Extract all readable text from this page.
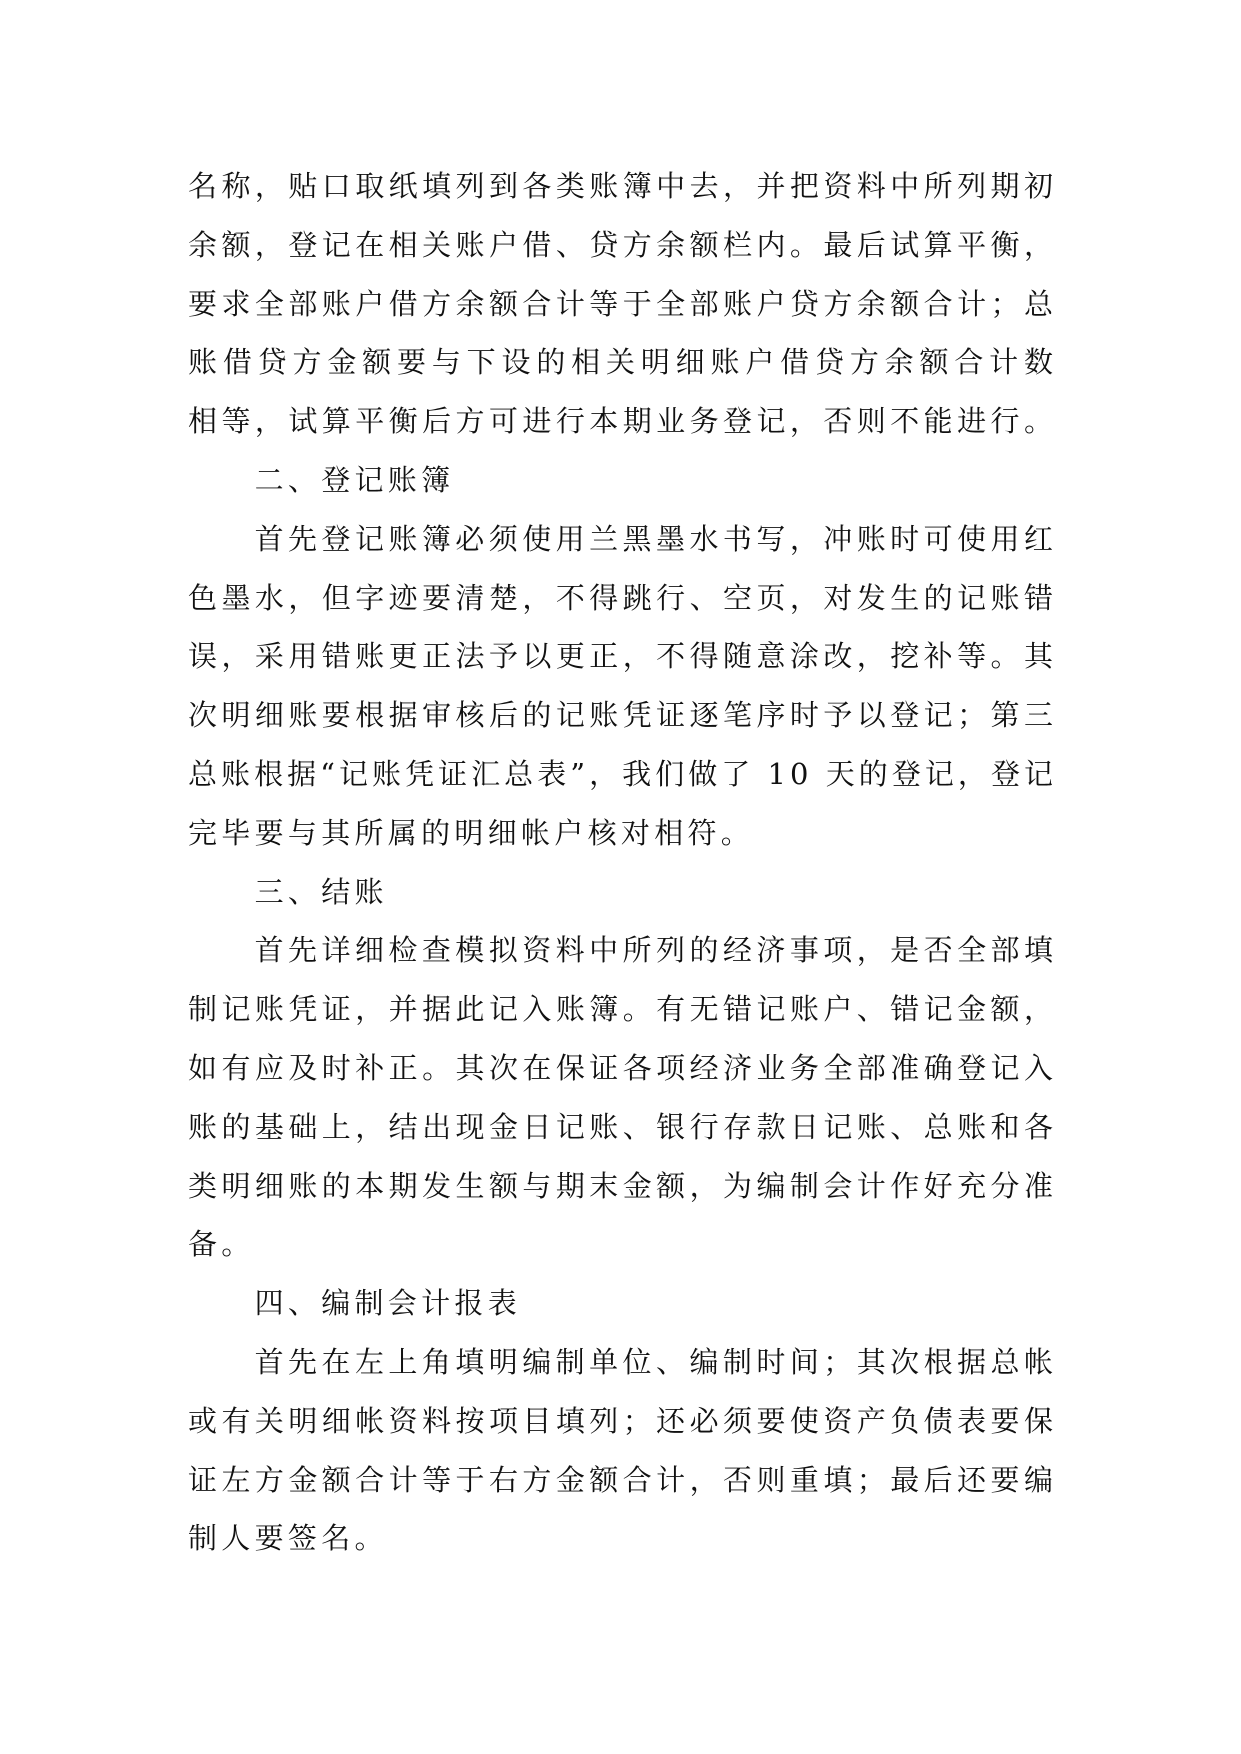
名称，贴口取纸填列到各类账簿中去，并把资料中所列期初
余额，登记在相关账户借、贷方余额栏内。最后试算平衡，
要求全部账户借方余额合计等于全部账户贷方余额合计；总
账借贷方金额要与下设的相关明细账户借贷方余额合计数
相等，试算平衡后方可进行本期业务登记，否则不能进行。
二、登记账簿
首先登记账簿必须使用兰黑墨水书写，冲账时可使用红
色墨水，但字迹要清楚，不得跳行、空页，对发生的记账错
误，采用错账更正法予以更正，不得随意涂改，挖补等。其
次明细账要根据审核后的记账凭证逐笔序时予以登记；第三
总账根据“记账凭证汇总表”，我们做了 10 天的登记，登记
完毕要与其所属的明细帐户核对相符。
三、结账
首先详细检查模拟资料中所列的经济事项，是否全部填
制记账凭证，并据此记入账簿。有无错记账户、错记金额，
如有应及时补正。其次在保证各项经济业务全部准确登记入
账的基础上，结出现金日记账、银行存款日记账、总账和各
类明细账的本期发生额与期末金额，为编制会计作好充分准
备。
四、编制会计报表
首先在左上角填明编制单位、编制时间；其次根据总帐
或有关明细帐资料按项目填列；还必须要使资产负债表要保
证左方金额合计等于右方金额合计，否则重填；最后还要编
制人要签名。
